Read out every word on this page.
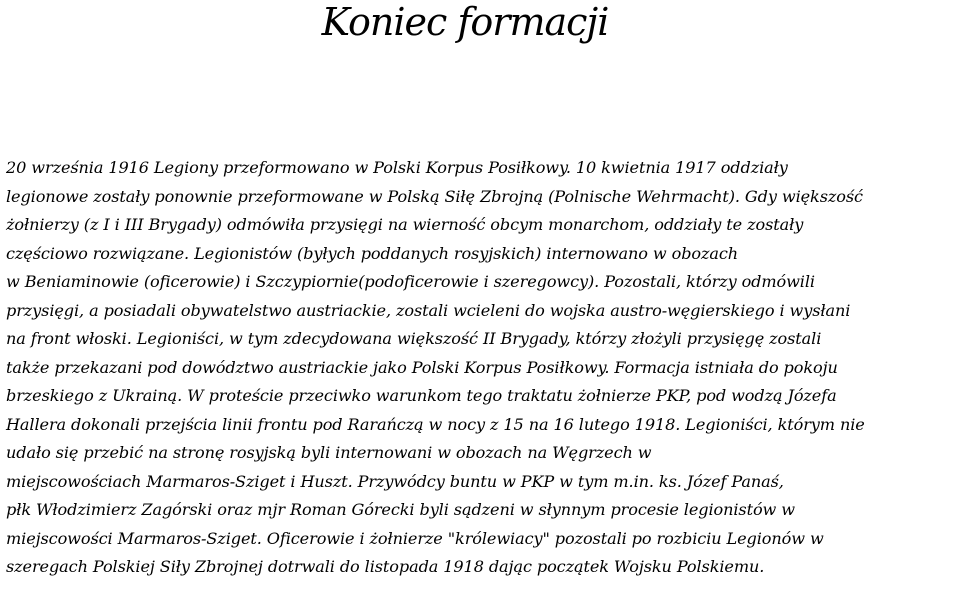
Koniec formacji

20 września 1916 Legiony przeformowano w Polski Korpus Posiłkowy. 10 kwietnia 1917 oddziały
legionowe zostały ponownie przeformowane w Polską Siłę Zbrojną (Polnische Wehrmacht). Gdy większość
żołnierzy (z I i III Brygady) odmówiła przysięgi na wierność obcym monarchom, oddziały te zostały
częściowo rozwiązane. Legionistów (byłych poddanych rosyjskich) internowano w obozach
w Beniaminowie (oficerowie) i Szczypiornie(podoficerowie i szeregowcy). Pozostali, którzy odmówili
przysięgi, a posiadali obywatelstwo austriackie, zostali wcieleni do wojska austro-węgierskiego i wysłani
na front włoski. Legioniści, w tym zdecydowana większość II Brygady, którzy złożyli przysięgę zostali
także przekazani pod dowództwo austriackie jako Polski Korpus Posiłkowy. Formacja istniała do pokoju
brzeskiego z Ukrainą. W proteście przeciwko warunkom tego traktatu żołnierze PKP, pod wodzą Józefa
Hallera dokonali przejścia linii frontu pod Rarańczą w nocy z 15 na 16 lutego 1918. Legioniści, którym nie
udało się przebić na stronę rosyjską byli internowani w obozach na Węgrzech w
miejscowościach Marmaros-Sziget i Huszt. Przywódcy buntu w PKP w tym m.in. ks. Józef Panaś,
płk Włodzimierz Zagórski oraz mjr Roman Górecki byli sądzeni w słynnym procesie legionistów w
miejscowości Marmaros-Sziget. Oficerowie i żołnierze "królewiacy" pozostali po rozbiciu Legionów w
szeregach Polskiej Siły Zbrojnej dotrwali do listopada 1918 dając początek Wojsku Polskiemu.
